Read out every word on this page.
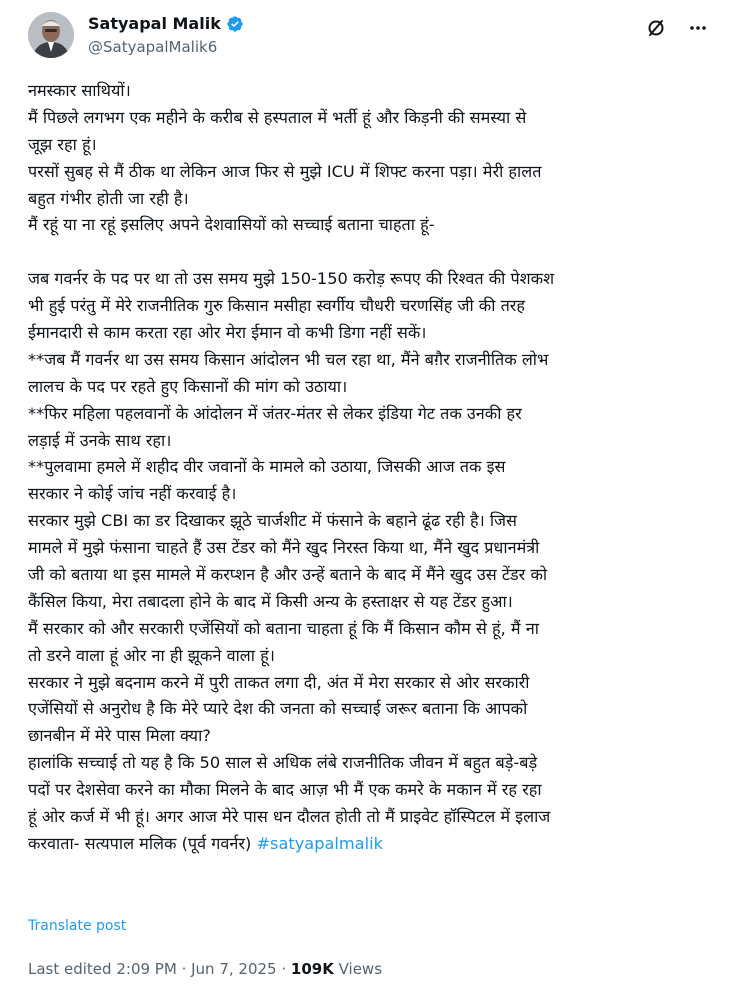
Satyapal Malik
@SatyapalMalik6
नमस्कार साथियों।
मैं पिछले लगभग एक महीने के करीब से हस्पताल में भर्ती हूं और किड़नी की समस्या से
जूझ रहा हूं।
परसों सुबह से मैं ठीक था लेकिन आज फिर से मुझे ICU में शिफ्ट करना पड़ा। मेरी हालत
बहुत गंभीर होती जा रही है।
मैं रहूं या ना रहूं इसलिए अपने देशवासियों को सच्चाई बताना चाहता हूं-
जब गवर्नर के पद पर था तो उस समय मुझे 150-150 करोड़ रूपए की रिश्वत की पेशकश
भी हुई परंतु में मेरे राजनीतिक गुरु किसान मसीहा स्वर्गीय चौधरी चरणसिंह जी की तरह
ईमानदारी से काम करता रहा ओर मेरा ईमान वो कभी डिगा नहीं सकें।
**जब मैं गवर्नर था उस समय किसान आंदोलन भी चल रहा था, मैंने बग़ैर राजनीतिक लोभ
लालच के पद पर रहते हुए किसानों की मांग को उठाया।
**फिर महिला पहलवानों के आंदोलन में जंतर-मंतर से लेकर इंडिया गेट तक उनकी हर
लड़ाई में उनके साथ रहा।
**पुलवामा हमले में शहीद वीर जवानों के मामले को उठाया, जिसकी आज तक इस
सरकार ने कोई जांच नहीं करवाई है।
सरकार मुझे CBI का डर दिखाकर झूठे चार्जशीट में फंसाने के बहाने ढूंढ रही है। जिस
मामले में मुझे फंसाना चाहते हैं उस टेंडर को मैंने खुद निरस्त किया था, मैंने खुद प्रधानमंत्री
जी को बताया था इस मामले में करप्शन है और उन्हें बताने के बाद में मैंने खुद उस टेंडर को
कैंसिल किया, मेरा तबादला होने के बाद में किसी अन्य के हस्ताक्षर से यह टेंडर हुआ।
मैं सरकार को और सरकारी एजेंसियों को बताना चाहता हूं कि मैं किसान कौम से हूं, मैं ना
तो डरने वाला हूं ओर ना ही झूकने वाला हूं।
सरकार ने मुझे बदनाम करने में पुरी ताकत लगा दी, अंत में मेरा सरकार से ओर सरकारी
एजेंसियों से अनुरोध है कि मेरे प्यारे देश की जनता को सच्चाई जरूर बताना कि आपको
छानबीन में मेरे पास मिला क्या?
हालांकि सच्चाई तो यह है कि 50 साल से अधिक लंबे राजनीतिक जीवन में बहुत बड़े-बड़े
पदों पर देशसेवा करने का मौका मिलने के बाद आज़ भी मैं एक कमरे के मकान में रह रहा
हूं ओर कर्ज में भी हूं। अगर आज मेरे पास धन दौलत होती तो मैं प्राइवेट हॉस्पिटल में इलाज
करवाता- सत्यपाल मलिक (पूर्व गवर्नर) #satyapalmalik
Translate post
Last edited 2:09 PM · Jun 7, 2025 · 109K Views
